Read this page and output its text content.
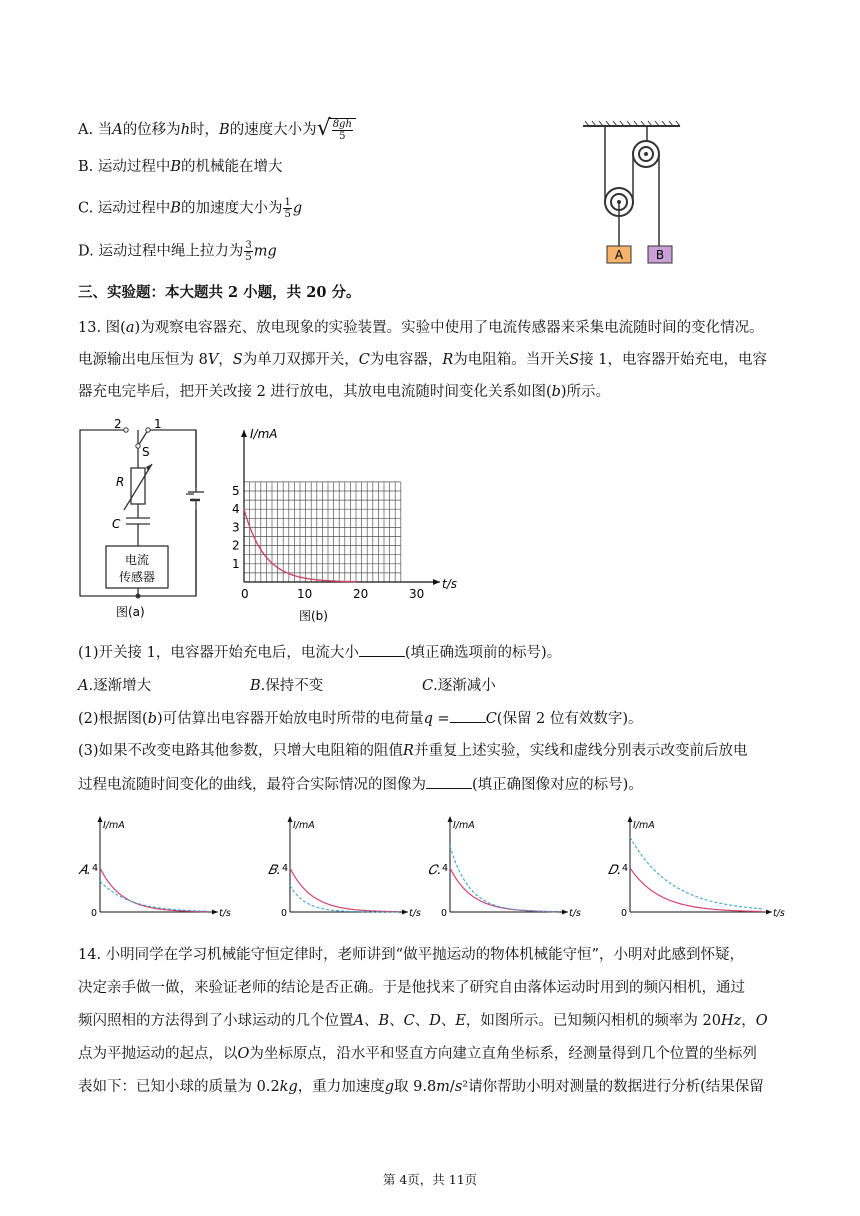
A. 当A的位移为h时，B的速度大小为 √ $\frac{8gh}{5}$
B. 运动过程中B的机械能在增大
C. 运动过程中B的加速度大小为 $\frac{1}{5}$ g
D. 运动过程中绳上拉力为 $\frac{3}{5}$ mg	A	B
三、实验题：本大题共 2 小题，共 20 分。
13. 图(𝑎)为观察电容器充、放电现象的实验装置。实验中使用了电流传感器来采集电流随时间的变化情况。
电源输出电压恒为 8𝑉，𝑆为单刀双掷开关，𝐶为电容器，𝑅为电阻箱。当开关𝑆接 1，电容器开始充电，电容
器充电完毕后，把开关改接 2 进行放电，其放电电流随时间变化关系如图(𝑏)所示。
2	1
S
R
C
电流
传感器
图(a)
I/mA
t/s
1
2
3
4
5
0	10	20	30
图(b)
(1)开关接 1，电容器开始充电后，电流大小	(填正确选项前的标号)。
𝐴.逐渐增大	𝐵.保持不变	𝐶.逐渐减小
(2)根据图(𝑏)可估算出电容器开始放电时所带的电荷量𝑞 = 𝐶(保留 2 位有效数字)。
(3)如果不改变电路其他参数，只增大电阻箱的阻值𝑅并重复上述实验，实线和虚线分别表示改变前后放电
过程电流随时间变化的曲线，最符合实际情况的图像为	(填正确图像对应的标号)。
𝐴.
I/mA
t/s
4
0
𝐵.
I/mA
t/s
4
0
𝐶.
I/mA
t/s
4
0
𝐷.
I/mA
t/s
4
0
14. 小明同学在学习机械能守恒定律时，老师讲到“做平抛运动的物体机械能守恒”，小明对此感到怀疑，
决定亲手做一做，来验证老师的结论是否正确。于是他找来了研究自由落体运动时用到的频闪相机，通过
频闪照相的方法得到了小球运动的几个位置𝐴、𝐵、𝐶、𝐷、𝐸，如图所示。已知频闪相机的频率为 20𝐻𝑧，𝑂
点为平抛运动的起点，以𝑂为坐标原点，沿水平和竖直方向建立直角坐标系，经测量得到几个位置的坐标列
表如下：已知小球的质量为 0.2𝑘𝑔，重力加速度𝑔取 9.8𝑚/𝑠²请你帮助小明对测量的数据进行分析(结果保留
第 4页，共 11页
